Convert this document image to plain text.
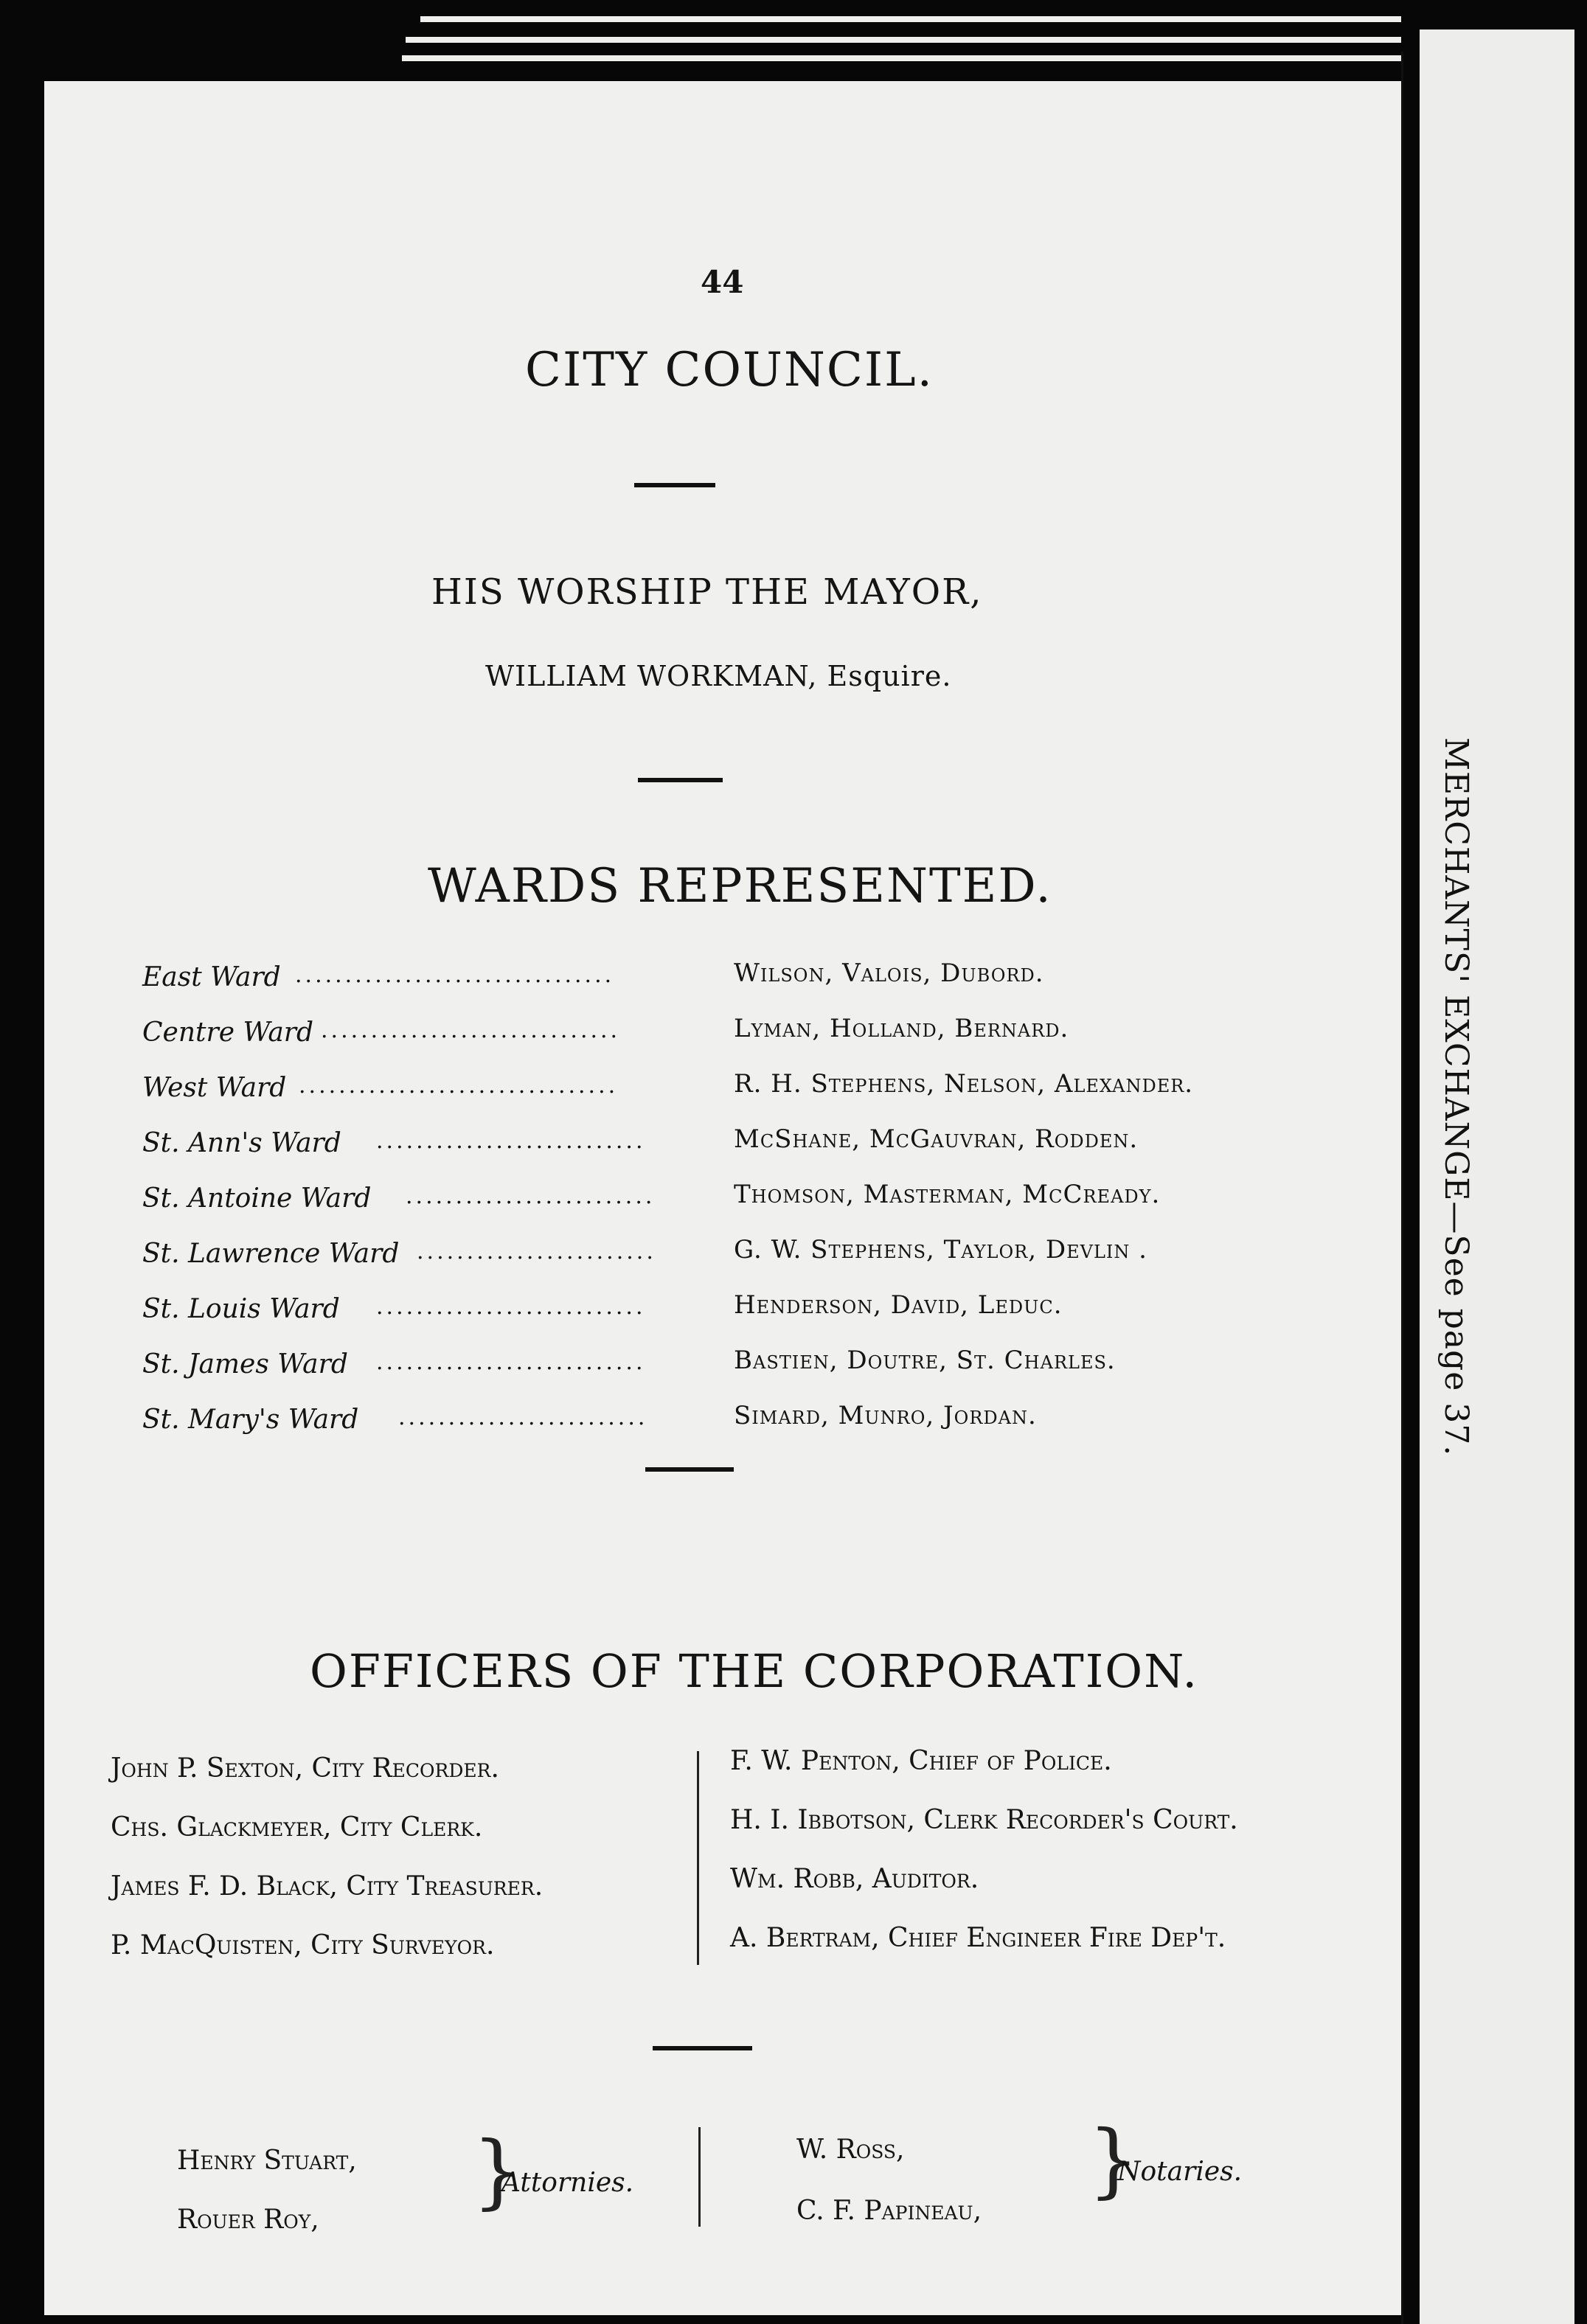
MERCHANTS' EXCHANGE—See page 37.
44
CITY COUNCIL.
HIS WORSHIP THE MAYOR,
WILLIAM WORKMAN, Esquire.
WARDS REPRESENTED.
East Ward ................................	Wilson, Valois, Dubord.
Centre Ward ..............................	Lyman, Holland, Bernard.
West Ward ................................	R. H. Stephens, Nelson, Alexander.
St. Ann's Ward ...........................	McShane, McGauvran, Rodden.
St. Antoine Ward .........................	Thomson, Masterman, McCready.
St. Lawrence Ward ........................	G. W. Stephens, Taylor, Devlin .
St. Louis Ward ...........................	Henderson, David, Leduc.
St. James Ward ...........................	Bastien, Doutre, St. Charles.
St. Mary's Ward .........................	Simard, Munro, Jordan.
OFFICERS OF THE CORPORATION.
John P. Sexton, City Recorder.
Chs. Glackmeyer, City Clerk.
James F. D. Black, City Treasurer.
P. MacQuisten, City Surveyor.
F. W. Penton, Chief of Police.
H. I. Ibbotson, Clerk Recorder's Court.
Wm. Robb, Auditor.
A. Bertram, Chief Engineer Fire Dep't.
Henry Stuart,
Rouer Roy,
}
Attornies.
W. Ross,
C. F. Papineau,
}
Notaries.
